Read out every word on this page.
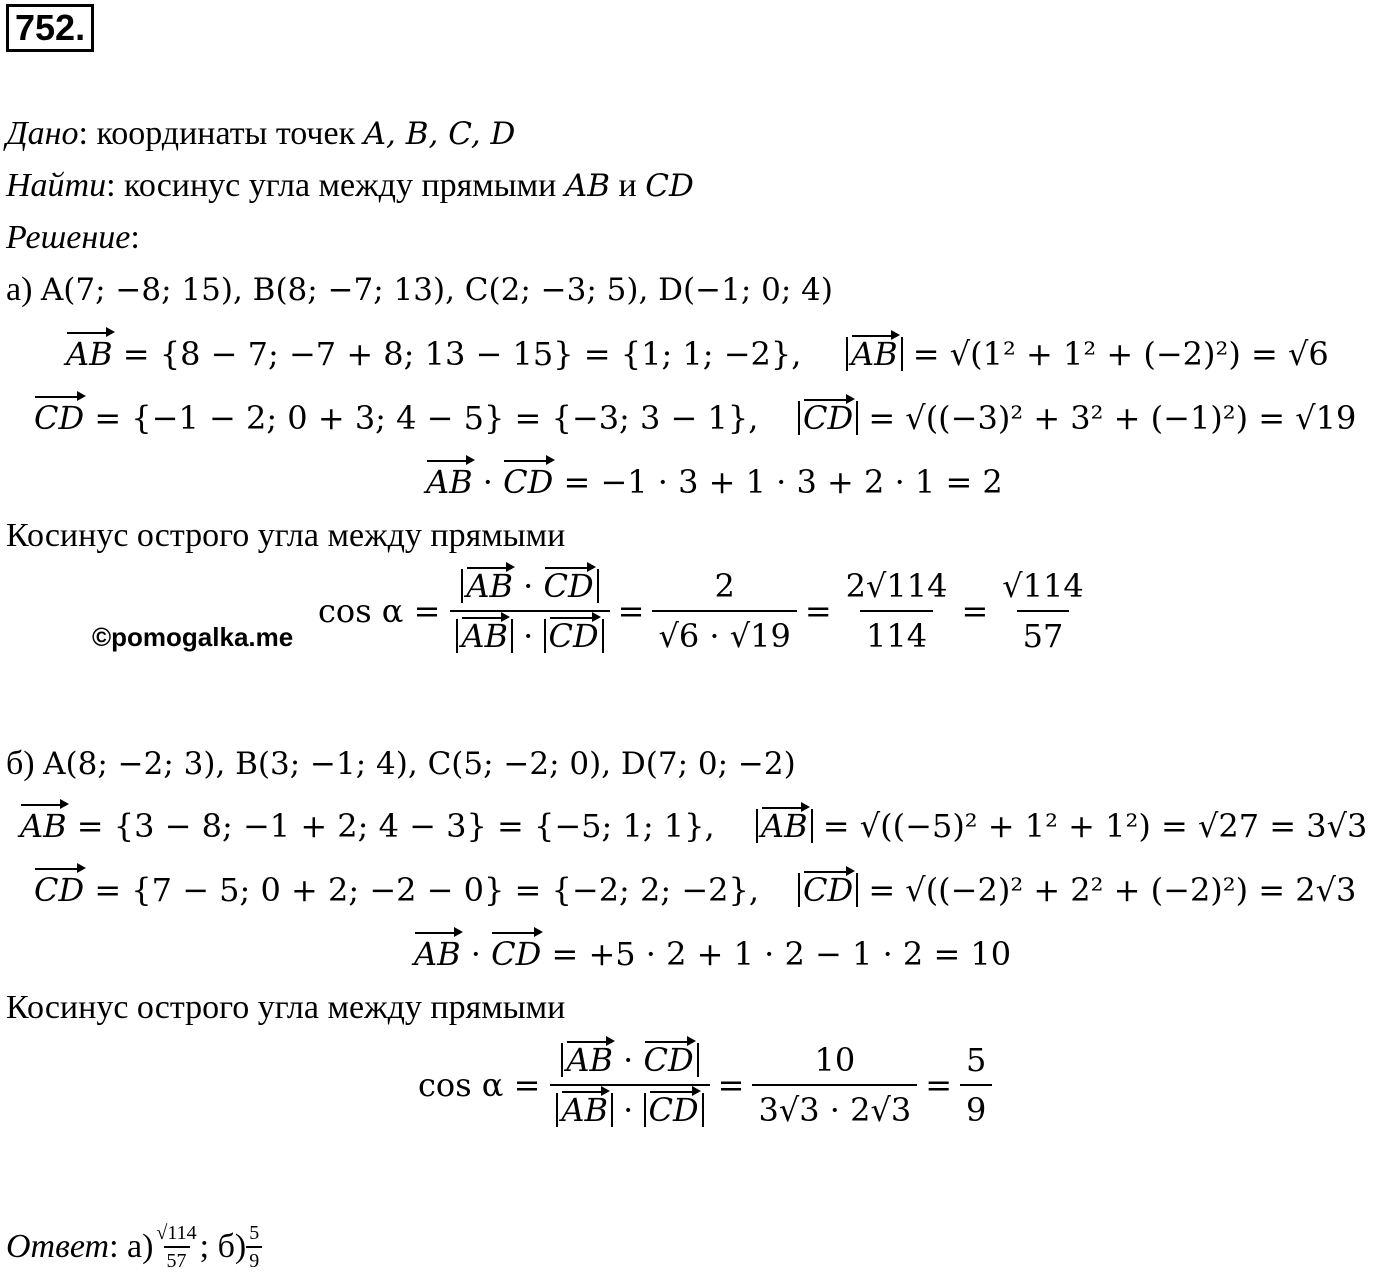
752.
Дано: координаты точек A, B, C, D
Найти: косинус угла между прямыми AB и CD
Решение:
а) A(7; −8; 15), B(8; −7; 13), C(2; −3; 5), D(−1; 0; 4)
AB = {8 − 7; −7 + 8; 13 − 15} = {1; 1; −2}, AB = √(1² + 1² + (−2)²) = √6
CD = {−1 − 2; 0 + 3; 4 − 5} = {−3; 3 − 1}, CD = √((−3)² + 3² + (−1)²) = √19
AB · CD = −1 · 3 + 1 · 3 + 2 · 1 = 2
Косинус острого угла между прямыми
©pomogalka.me
$\cos \alpha = \frac{AB \cdot CD}{AB \cdot CD} = \frac{2}{√6 \cdot √19} = \frac{2√114}{114} = \frac{√114}{57}$
б) A(8; −2; 3), B(3; −1; 4), C(5; −2; 0), D(7; 0; −2)
AB = {3 − 8; −1 + 2; 4 − 3} = {−5; 1; 1}, AB = √((−5)² + 1² + 1²) = √27 = 3√3
CD = {7 − 5; 0 + 2; −2 − 0} = {−2; 2; −2}, CD = √((−2)² + 2² + (−2)²) = 2√3
AB · CD = +5 · 2 + 1 · 2 − 1 · 2 = 10
Косинус острого угла между прямыми
$\cos \alpha = \frac{AB \cdot CD}{AB \cdot CD} = \frac{10}{3√3 \cdot 2√3} = \frac{5}{9}$
Ответ : $а) \frac{√114}{57}$ ; $б) \frac{5}{9}$
